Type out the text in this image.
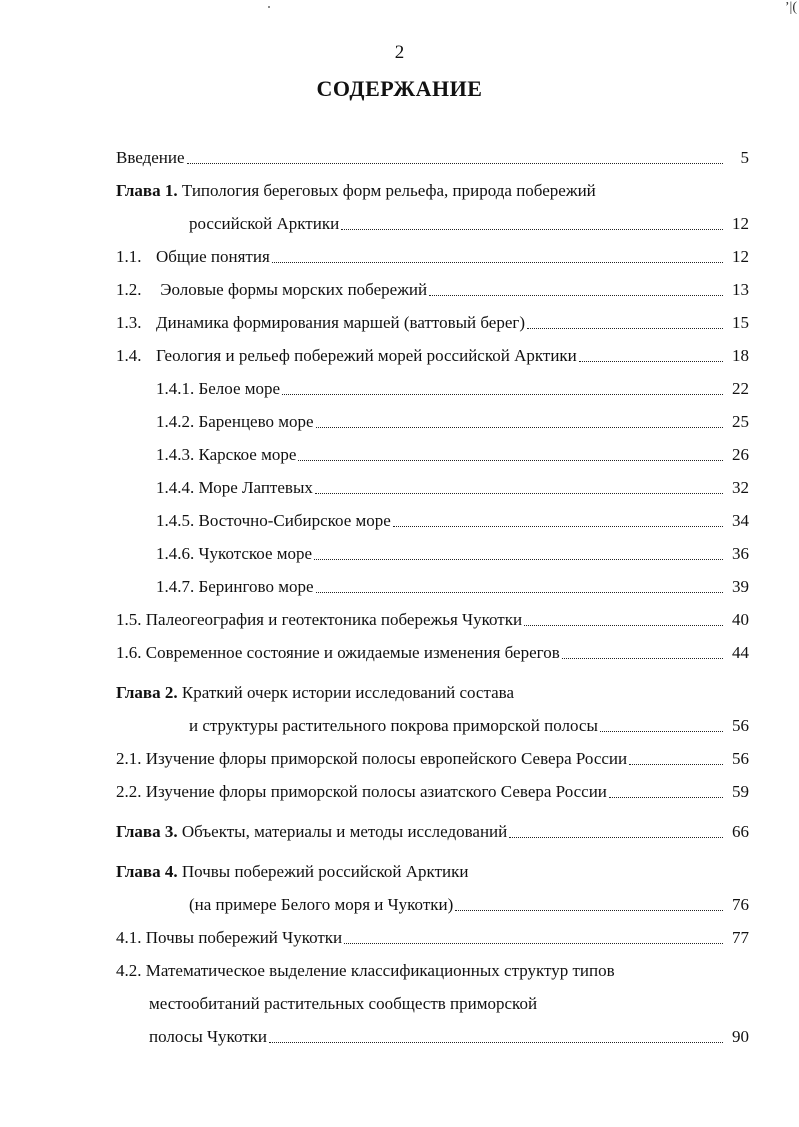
ʼ|(
2
СОДЕРЖАНИЕ
Введение	5
Глава 1. Типология береговых форм рельефа, природа побережий
российской Арктики	12
1.1. Общие понятия	12
1.2. Эоловые формы морских побережий	13
1.3. Динамика формирования маршей (ваттовый берег)	15
1.4. Геология и рельеф побережий морей российской Арктики	18
1.4.1. Белое море	22
1.4.2. Баренцево море	25
1.4.3. Карское море	26
1.4.4. Море Лаптевых	32
1.4.5. Восточно-Сибирское море	34
1.4.6. Чукотское море	36
1.4.7. Берингово море	39
1.5. Палеогеография и геотектоника побережья Чукотки	40
1.6. Современное состояние и ожидаемые изменения берегов	44
Глава 2. Краткий очерк истории исследований состава
и структуры растительного покрова приморской полосы	56
2.1. Изучение флоры приморской полосы европейского Севера России	56
2.2. Изучение флоры приморской полосы азиатского Севера России	59
Глава 3. Объекты, материалы и методы исследований	66
Глава 4. Почвы побережий российской Арктики
(на примере Белого моря и Чукотки)	76
4.1. Почвы побережий Чукотки	77
4.2. Математическое выделение классификационных структур типов
местообитаний растительных сообществ приморской
полосы Чукотки	90
